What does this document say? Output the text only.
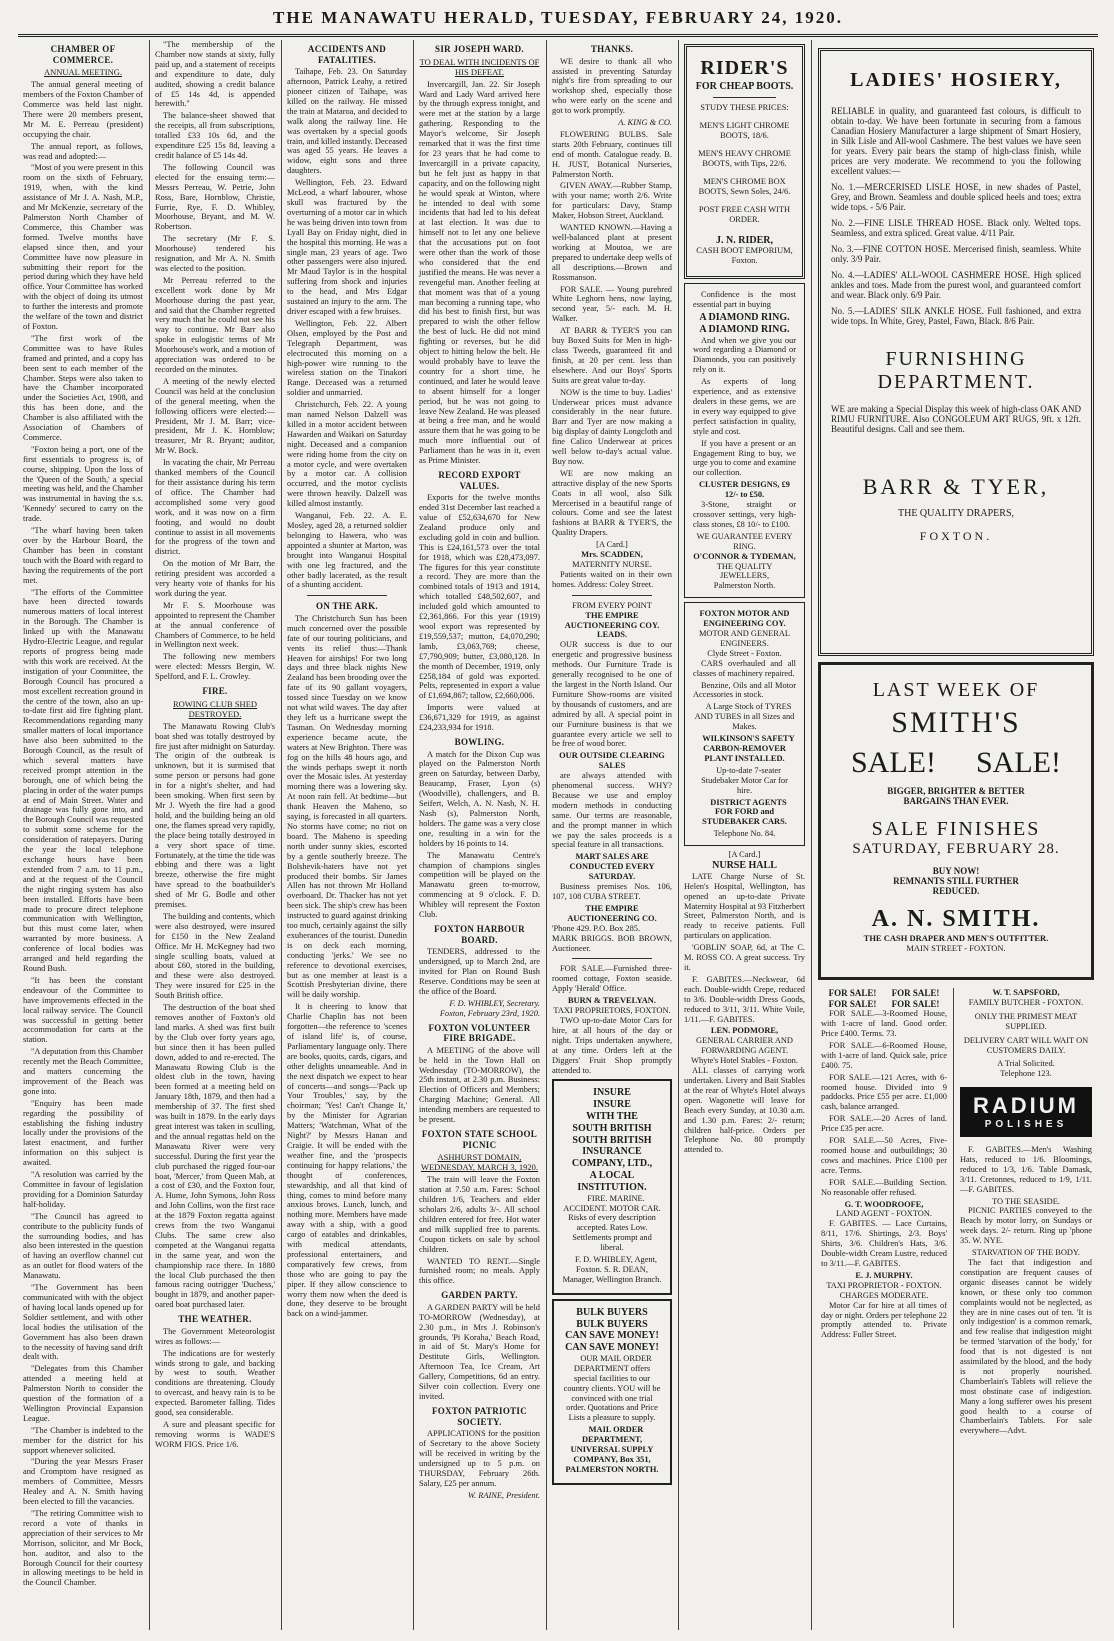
THE MANAWATU HERALD, TUESDAY, FEBRUARY 24, 1920.
CHAMBER OF COMMERCE.
ANNUAL MEETING.

The annual general meeting of members of the Foxton Chamber of Commerce was held last night. There were 20 members present, Mr M. E. Perreau (president) occupying the chair.

The annual report, as follows, was read and adopted:—

"Most of you were present in this room on the sixth of February, 1919, when, with the kind assistance of Mr J. A. Nash, M.P., and Mr McKenzie, secretary of the Palmerston North Chamber of Commerce, this Chamber was formed. Twelve months have elapsed since then, and your Committee have now pleasure in submitting their report for the period during which they have held office. Your Committee has worked with the object of doing its utmost to further the interests and promote the welfare of the town and district of Foxton.

"The first work of the Committee was to have Rules framed and printed, and a copy has been sent to each member of the Chamber. Steps were also taken to have the Chamber incorporated under the Societies Act, 1908, and this has been done, and the Chamber is also affiliated with the Association of Chambers of Commerce.

"Foxton being a port, one of the first essentials to progress is, of course, shipping. Upon the loss of the 'Queen of the South,' a special meeting was held, and the Chamber was instrumental in having the s.s. 'Kennedy' secured to carry on the trade.

"The wharf having been taken over by the Harbour Board, the Chamber has been in constant touch with the Board with regard to having the requirements of the port met.

"The efforts of the Committee have been directed towards numerous matters of local interest in the Borough. The Chamber is linked up with the Manawatu Hydro-Electric League, and regular reports of progress being made with this work are received. At the instigation of your Committee, the Borough Council has procured a most excellent recreation ground in the centre of the town, also an up-to-date first aid fire fighting plant. Recommendations regarding many smaller matters of local importance have also been submitted to the Borough Council, as the result of which several matters have received prompt attention in the borough, one of which being the placing in order of the water pumps at end of Main Street. Water and drainage was fully gone into, and the Borough Council was requested to submit some scheme for the consideration of ratepayers. During the year the local telephone exchange hours have been extended from 7 a.m. to 11 p.m., and at the request of the Council the night ringing system has also been installed. Efforts have been made to procure direct telephone communication with Wellington, but this must come later, when warranted by more business. A conference of local bodies was arranged and held regarding the Round Bush.

"It has been the constant endeavour of the Committee to have improvements effected in the local railway service. The Council was successful in getting better accommodation for carts at the station.

"A deputation from this Chamber recently met the Beach Committee, and matters concerning the improvement of the Beach was gone into.

"Enquiry has been made regarding the possibility of establishing the fishing industry locally under the provisions of the latest enactment, and further information on this subject is awaited.

"A resolution was carried by the Committee in favour of legislation providing for a Dominion Saturday half-holiday.

"The Council has agreed to contribute to the publicity funds of the surrounding bodies, and has also been interested in the question of having an overflow channel cut as an outlet for flood waters of the Manawatu.

"The Government has been communicated with with the object of having local lands opened up for Soldier settlement, and with other local bodies the utilisation of the Government has also been drawn to the necessity of having sand drift dealt with.

"Delegates from this Chamber attended a meeting held at Palmerston North to consider the question of the formation of a Wellington Provincial Expansion League.

"The Chamber is indebted to the member for the district for his support whenever solicited.

"During the year Messrs Fraser and Cromptom have resigned as members of Committee, Messrs Healey and A. N. Smith having been elected to fill the vacancies.

"The retiring Committee wish to record a vote of thanks in appreciation of their services to Mr Morrison, solicitor, and Mr Bock, hon. auditor, and also to the Borough Council for their courtesy in allowing meetings to be held in the Council Chamber.

"The membership of the Chamber now stands at sixty, fully paid up, and a statement of receipts and expenditure to date, duly audited, showing a credit balance of £5 14s 4d, is appended herewith."

The balance-sheet showed that the receipts, all from subscriptions, totalled £33 10s 6d, and the expenditure £25 15s 8d, leaving a credit balance of £5 14s 4d.

The following Council was elected for the ensuing term:—Messrs Perreau, W. Petrie, John Ross, Bare, Hornblow, Christie, Furrie, Rye, F. D. Whibley, Moorhouse, Bryant, and M. W. Robertson.

The secretary (Mr F. S. Moorhouse) tendered his resignation, and Mr A. N. Smith was elected to the position.

Mr Perreau referred to the excellent work done by Mr Moorhouse during the past year, and said that the Chamber regretted very much that he could not see his way to continue. Mr Barr also spoke in eulogistic terms of Mr Moorhouse's work, and a motion of appreciation was ordered to be recorded on the minutes.

A meeting of the newly elected Council was held at the conclusion of the general meeting, when the following officers were elected:—President, Mr J. M. Barr; vice-president, Mr J. K. Hornblow; treasurer, Mr R. Bryant; auditor, Mr W. Bock.

In vacating the chair, Mr Perreau thanked members of the Council for their assistance during his term of office. The Chamber had accomplished some very good work, and it was now on a firm footing, and would no doubt continue to assist in all movements for the progress of the town and district.

On the motion of Mr Barr, the retiring president was accorded a very hearty vote of thanks for his work during the year.

Mr F. S. Moorhouse was appointed to represent the Chamber at the annual conference of Chambers of Commerce, to be held in Wellington next week.

The following new members were elected: Messrs Bergin, W. Spelford, and F. L. Crowley.

FIRE.
ROWING CLUB SHED DESTROYED.

The Manawatu Rowing Club's boat shed was totally destroyed by fire just after midnight on Saturday. The origin of the outbreak is unknown, but it is surmised that some person or persons had gone in for a night's shelter, and had been smoking. When first seen by Mr J. Wyeth the fire had a good hold, and the building being an old one, the flames spread very rapidly, the place being totally destroyed in a very short space of time. Fortunately, at the time the tide was ebbing and there was a light breeze, otherwise the fire might have spread to the boatbuilder's shed of Mr G. Bodle and other premises.

The building and contents, which were also destroyed, were insured for £150 in the New Zealand Office. Mr H. McKegney had two single sculling boats, valued at about £60, stored in the building, and these were also destroyed. They were insured for £25 in the South British office.

The destruction of the boat shed removes another of Foxton's old land marks. A shed was first built by the Club over forty years ago, but since then it has been pulled down, added to and re-erected. The Manawatu Rowing Club is the oldest club in the town, having been formed at a meeting held on January 18th, 1879, and then had a membership of 37. The first shed was built in 1879. In the early days great interest was taken in sculling, and the annual regattas held on the Manawatu River were very successful. During the first year the club purchased the rigged four-oar boat, 'Mercer,' from Queen Mab, at a cost of £30, and the Foxton four, A. Hume, John Symons, John Ross and John Collins, won the first race at the 1879 Foxton regatta against crews from the two Wanganui Clubs. The same crew also competed at the Wanganui regatta in the same year, and won the championship race there. In 1880 the local Club purchased the then famous racing outrigger 'Duchess,' bought in 1879, and another paper-oared boat purchased later.

THE WEATHER.

The Government Meteorologist wires as follows:—

The indications are for westerly winds strong to gale, and backing by west to south. Weather conditions are threatening. Cloudy to overcast, and heavy rain is to be expected. Barometer falling. Tides good, sea considerable.

A sure and pleasant specific for removing worms is WADE'S WORM FIGS. Price 1/6.

ACCIDENTS AND FATALITIES.

Taihape, Feb. 23. On Saturday afternoon, Patrick Leahy, a retired pioneer citizen of Taihape, was killed on the railway. He missed the train at Mataroa, and decided to walk along the railway line. He was overtaken by a special goods train, and killed instantly. Deceased was aged 55 years. He leaves a widow, eight sons and three daughters.

Wellington, Feb. 23. Edward McLeod, a wharf labourer, whose skull was fractured by the overturning of a motor car in which he was being driven into town from Lyall Bay on Friday night, died in the hospital this morning. He was a single man, 23 years of age. Two other passengers were also injured. Mr Maud Taylor is in the hospital suffering from shock and injuries to the head, and Mrs Edgar sustained an injury to the arm. The driver escaped with a few bruises.

Wellington, Feb. 22. Albert Olsen, employed by the Post and Telegraph Department, was electrocuted this morning on a high-power wire running to the wireless station on the Tinakori Range. Deceased was a returned soldier and unmarried.

Christchurch, Feb. 22. A young man named Nelson Dalzell was killed in a motor accident between Hawarden and Waikari on Saturday night. Deceased and a companion were riding home from the city on a motor cycle, and were overtaken by a motor car. A collision occurred, and the motor cyclists were thrown heavily. Dalzell was killed almost instantly.

Wanganui, Feb. 22. A. E. Mosley, aged 28, a returned soldier belonging to Hawera, who was appointed a shunter at Marton, was brought into Wanganui Hospital with one leg fractured, and the other badly lacerated, as the result of a shunting accident.

ON THE ARK.

The Christchurch Sun has been much concerned over the possible fate of our touring politicians, and vents its relief thus:—Thank Heaven for airships! For two long days and three black nights New Zealand has been brooding over the fate of its 90 gallant voyagers, tossed since Tuesday on we know not what wild waves. The day after they left us a hurricane swept the Tasman. On Wednesday morning experience became acute, the waters at New Brighton. There was fog on the hills 48 hours ago, and the winds perhaps swept it north over the Mosaic isles. At yesterday morning there was a lowering sky. At noon rain fell. At bedtime—but thank Heaven the Maheno, so saying, is forecasted in all quarters. No storms have come; no riot on board. The Maheno is speeding north under sunny skies, escorted by a gentle southerly breeze. The Bolshevik-haters have not yet produced their bombs. Sir James Allen has not thrown Mr Holland overboard. Dr. Thacker has not yet been sick. The ship's crew has been instructed to guard against drinking too much, certainly against the silly exuberances of the tourist. Dunedin is on deck each morning, conducting 'jerks.' We see no reference to devotional exercises, but as one member at least is a Scottish Presbyterian divine, there will be daily worship.

It is cheering to know that Charlie Chaplin has not been forgotten—the reference to 'scenes of island life' is, of course, Parliamentary language only. There are books, quoits, cards, cigars, and other delights unnameable. And in the next dispatch we expect to hear of concerts—and songs—'Pack up Your Troubles,' say, by the choirman; 'Yes! Can't Change It,' by the Minister for Agrarian Matters; 'Watchman, What of the Night?' by Messrs Hanan and Craigie. It will be ended with the weather fine, and the 'prospects continuing for happy relations,' the thought of conferences, stewardship, and all that kind of thing, comes to mind before many anxious brows. Lunch, lunch, and nothing more. Members have made away with a ship, with a good cargo of eatables and drinkables, with medical attendants, professional entertainers, and comparatively few crews, from those who are going to pay the piper. If they allow conscience to worry them now when the deed is done, they deserve to be brought back on a wind-jammer.

SIR JOSEPH WARD.
TO DEAL WITH INCIDENTS OF HIS DEFEAT.

Invercargill, Jan. 22. Sir Joseph Ward and Lady Ward arrived here by the through express tonight, and were met at the station by a large gathering. Responding to the Mayor's welcome, Sir Joseph remarked that it was the first time for 23 years that he had come to Invercargill in a private capacity, but he felt just as happy in that capacity, and on the following night he would speak at Winton, where he intended to deal with some incidents that had led to his defeat at last election. It was due to himself not to let any one believe that the accusations put on foot were other than the work of those who considered that the end justified the means. He was never a revengeful man. Another feeling at that moment was that of a young man becoming a running tape, who did his best to finish first, but was prepared to wish the other fellow the best of luck. He did not mind fighting or reverses, but he did object to hitting below the belt. He would probably have to leave the country for a short time, he continued, and later he would leave to absent himself for a longer period, but he was not going to leave New Zealand. He was pleased at being a free man, and he would assure them that he was going to be much more influential out of Parliament than he was in it, even as Prime Minister.

RECORD EXPORT VALUES.

Exports for the twelve months ended 31st December last reached a value of £52,634,670 for New Zealand produce only and excluding gold in coin and bullion. This is £24,161,573 over the total for 1918, which was £28,473,097. The figures for this year constitute a record. They are more than the combined totals of 1913 and 1914, which totalled £48,502,607, and included gold which amounted to £2,361,866. For this year (1919) wool export was represented by £19,559,537; mutton, £4,070,290; lamb, £3,063,769; cheese, £7,790,909; butter, £3,080,128. In the month of December, 1919, only £258,184 of gold was exported. Pelts, represented in export a value of £1,694,867; tallow, £2,660,006.

Imports were valued at £36,671,329 for 1919, as against £24,233,934 for 1918.

BOWLING.

A match for the Dixon Cup was played on the Palmerston North green on Saturday, between Darby, Beaucamp, Fraser, Lyon (s) (Woodville), challengers, and B. Seifert, Welch, A. N. Nash, N. H. Nash (s), Palmerston North, holders. The game was a very close one, resulting in a win for the holders by 16 points to 14.

The Manawatu Centre's champion of champions singles competition will be played on the Manawatu green to-morrow, commencing at 9 o'clock. F. D. Whibley will represent the Foxton Club.

FOXTON HARBOUR BOARD.

TENDERS, addressed to the undersigned, up to March 2nd, are invited for Plan on Round Bush Reserve. Conditions may be seen at the office of the Board.

F. D. WHIBLEY, Secretary. Foxton, February 23rd, 1920.

FOXTON VOLUNTEER FIRE BRIGADE.

A MEETING of the above will be held in the Town Hall on Wednesday (TO-MORROW), the 25th instant, at 2.30 p.m. Business: Election of Officers and Members; Charging Machine; General. All intending members are requested to be present.

FOXTON STATE SCHOOL PICNIC
ASHHURST DOMAIN, WEDNESDAY, MARCH 3, 1920.

The train will leave the Foxton station at 7.50 a.m. Fares: School children 1/6, Teachers and elder scholars 2/6, adults 3/-. All school children entered for free. Hot water and milk supplied free to parents. Coupon tickets on sale by school children.

WANTED TO RENT.—Single furnished room; no meals. Apply this office.

GARDEN PARTY.

A GARDEN PARTY will be held TO-MORROW (Wednesday), at 2.30 p.m., in Mrs J. Robinson's grounds, 'Pi Koraha,' Beach Road, in aid of St. Mary's Home for Destitute Girls, Wellington. Afternoon Tea, Ice Cream, Art Gallery, Competitions, 6d an entry. Silver coin collection. Every one invited.

FOXTON PATRIOTIC SOCIETY.

APPLICATIONS for the position of Secretary to the above Society will be received in writing by the undersigned up to 5 p.m. on THURSDAY, February 26th. Salary, £25 per annum.

W. RAINE, President.

THANKS.

WE desire to thank all who assisted in preventing Saturday night's fire from spreading to our workshop shed, especially those who were early on the scene and got to work promptly.

A. KING & CO.

FLOWERING BULBS. Sale starts 20th February, continues till end of month. Catalogue ready. B. H. JUST, Botanical Nurseries, Palmerston North.

GIVEN AWAY.—Rubber Stamp, with your name; worth 2/6. Write for particulars: Davy, Stamp Maker, Hobson Street, Auckland.

WANTED KNOWN.—Having a well-balanced plant at present working at Moutoa, we are prepared to undertake deep wells of all descriptions.—Brown and Rossmanson.

FOR SALE. — Young purebred White Leghorn hens, now laying, second year, 5/- each. M. H. Walker.

AT BARR & TYER'S you can buy Boxed Suits for Men in high-class Tweeds, guaranteed fit and finish, at 20 per cent. less than elsewhere. And our Boys' Sports Suits are great value to-day.

NOW is the time to buy. Ladies' Underwear prices must advance considerably in the near future. Barr and Tyer are now making a big display of dainty Longcloth and fine Calico Underwear at prices well below to-day's actual value. Buy now.

WE are now making an attractive display of the new Sports Coats in all wool, also Silk Mercerised in a beautiful range of colours. Come and see the latest fashions at BARR & TYER'S, the Quality Drapers.

[A Card.]
Mrs. SCADDEN,
MATERNITY NURSE.

Patients waited on in their own homes. Address: Coley Street.

FROM EVERY POINT
THE EMPIRE AUCTIONEERING COY. LEADS.

OUR success is due to our energetic and progressive business methods. Our Furniture Trade is generally recognised to be one of the largest in the North Island. Our Furniture Show-rooms are visited by thousands of customers, and are admired by all. A special point in our Furniture business is that we guarantee every article we sell to be free of wood borer.

OUR OUTSIDE CLEARING SALES

are always attended with phenomenal success. WHY? Because we use and employ modern methods in conducting same. Our terms are reasonable, and the prompt manner in which we pay the sales proceeds is a special feature in all transactions.

MART SALES ARE CONDUCTED EVERY SATURDAY.

Business premises Nos. 106, 107, 108 CUBA STREET.

THE EMPIRE AUCTIONEERING CO.
'Phone 429. P.O. Box 285.
MARK BRIGGS. BOB BROWN, Auctioneer.

FOR SALE.—Furnished three-roomed cottage, Foxton seaside. Apply 'Herald' Office.

BURN & TREVELYAN.
TAXI PROPRIETORS, FOXTON.

TWO up-to-date Motor Cars for hire, at all hours of the day or night. Trips undertaken anywhere, at any time. Orders left at the Diggers' Fruit Shop promptly attended to.

INSURE
INSURE
WITH THE
SOUTH BRITISH
SOUTH BRITISH
INSURANCE COMPANY, LTD.,
A LOCAL INSTITUTION.

FIRE. MARINE. ACCIDENT. MOTOR CAR. Risks of every description accepted. Rates Low. Settlements prompt and liberal.

F. D. WHIBLEY, Agent, Foxton. S. R. DEAN, Manager, Wellington Branch.

BULK BUYERS
BULK BUYERS
CAN SAVE MONEY!
CAN SAVE MONEY!

OUR MAIL ORDER DEPARTMENT offers special facilities to our country clients. YOU will be convinced with one trial order. Quotations and Price Lists a pleasure to supply.

MAIL ORDER DEPARTMENT, UNIVERSAL SUPPLY COMPANY, Box 351, PALMERSTON NORTH.

RIDER'S
FOR CHEAP BOOTS.
STUDY THESE PRICES:
MEN'S LIGHT CHROME BOOTS, 18/6.
MEN'S HEAVY CHROME BOOTS, with Tips, 22/6.
MEN'S CHROME BOX BOOTS, Sewn Soles, 24/6.
POST FREE CASH WITH ORDER.
J. N. RIDER,
CASH BOOT EMPORIUM,
Foxton.

Confidence is the most essential part in buying

A DIAMOND RING.
A DIAMOND RING.

And when we give you our word regarding a Diamond or Diamonds, you can positively rely on it.

As experts of long experience, and as extensive dealers in these gems, we are in every way equipped to give perfect satisfaction in quality, style and cost.

If you have a present or an Engagement Ring to buy, we urge you to come and examine our collection.

CLUSTER DESIGNS, £9 12/- to £50.

3-Stone, straight or crossover settings, very high-class stones, £8 10/- to £100.

WE GUARANTEE EVERY RING.
O'CONNOR & TYDEMAN,
THE QUALITY JEWELLERS,
Palmerston North.
FOXTON MOTOR AND ENGINEERING COY.
MOTOR AND GENERAL ENGINEERS.
Clyde Street - Foxton.

CARS overhauled and all classes of machinery repaired.

Benzine, Oils and all Motor Accessories in stock.

A Large Stock of TYRES AND TUBES in all Sizes and Makes.

WILKINSON'S SAFETY CARBON-REMOVER PLANT INSTALLED.

Up-to-date 7-seater Studebaker Motor Car for hire.

DISTRICT AGENTS FOR FORD and STUDEBAKER CARS.

Telephone No. 84.
[A Card.]
NURSE HALL

LATE Charge Nurse of St. Helen's Hospital, Wellington, has opened an up-to-date Private Maternity Hospital at 93 Fitzherbert Street, Palmerston North, and is ready to receive patients. Full particulars on application.

'GOBLIN' SOAP, 6d, at The C. M. ROSS CO. A great success. Try it.

F. GABITES.—Neckwear, 6d each. Double-width Crepe, reduced to 3/6. Double-width Dress Goods, reduced to 3/11, 3/11. White Voile, 1/11.—F. GABITES.

LEN. PODMORE,
GENERAL CARRIER AND FORWARDING AGENT.
Whyte's Hotel Stables - Foxton.

ALL classes of carrying work undertaken. Livery and Bait Stables at the rear of Whyte's Hotel always open. Wagonette will leave for Beach every Sunday, at 10.30 a.m. and 1.30 p.m. Fares: 2/- return; children half-price. Orders per Telephone No. 80 promptly attended to.

LADIES' HOSIERY,

RELIABLE in quality, and guaranteed fast colours, is difficult to obtain to-day. We have been fortunate in securing from a famous Canadian Hosiery Manufacturer a large shipment of Smart Hosiery, in Silk Lisle and All-wool Cashmere. The best values we have seen for years. Every pair bears the stamp of high-class finish, while prices are very moderate. We recommend to you the following excellent values:—

No. 1.—MERCERISED LISLE HOSE, in new shades of Pastel, Grey, and Brown. Seamless and double spliced heels and toes; extra wide tops. - 5/6 Pair.

No. 2.—FINE LISLE THREAD HOSE. Black only. Welted tops. Seamless, and extra spliced. Great value. 4/11 Pair.

No. 3.—FINE COTTON HOSE. Mercerised finish, seamless. White only. 3/9 Pair.

No. 4.—LADIES' ALL-WOOL CASHMERE HOSE. High spliced ankles and toes. Made from the purest wool, and guaranteed comfort and wear. Black only. 6/9 Pair.

No. 5.—LADIES' SILK ANKLE HOSE. Full fashioned, and extra wide tops. In White, Grey, Pastel, Fawn, Black. 8/6 Pair.

FURNISHING
DEPARTMENT.

WE are making a Special Display this week of high-class OAK AND RIMU FURNITURE. Also CONGOLEUM ART RUGS, 9ft. x 12ft. Beautiful designs. Call and see them.

BARR & TYER,
THE QUALITY DRAPERS,
FOXTON.
LAST WEEK OF
SMITH'S
SALE! SALE!
BIGGER, BRIGHTER & BETTER
BARGAINS THAN EVER.
SALE FINISHES
SATURDAY, FEBRUARY 28.
BUY NOW!
REMNANTS STILL FURTHER
REDUCED.
A. N. SMITH.
THE CASH DRAPER AND MEN'S OUTFITTER.
MAIN STREET - FOXTON.
FOR SALE!	FOR SALE!
FOR SALE!	FOR SALE!

FOR SALE.—3-Roomed House, with 1-acre of land. Good order. Price £400. Terms. 73.

FOR SALE.—6-Roomed House, with 1-acre of land. Quick sale, price £400. 75.

FOR SALE.—121 Acres, with 6-roomed house. Divided into 9 paddocks. Price £55 per acre. £1,000 cash, balance arranged.

FOR SALE.—20 Acres of land. Price £35 per acre.

FOR SALE.—50 Acres, Five-roomed house and outbuildings; 30 cows and machines. Price £100 per acre. Terms.

FOR SALE.—Building Section. No reasonable offer refused.

G. T. WOODROOFE,
LAND AGENT - FOXTON.

F. GABITES. — Lace Curtains, 8/11, 17/6. Shirtings, 2/3. Boys' Shirts, 3/6. Children's Hats, 3/6. Double-width Cream Lustre, reduced to 3/11.—F. GABITES.

E. J. MURPHY.
TAXI PROPRIETOR - FOXTON.
CHARGES MODERATE.

Motor Car for hire at all times of day or night. Orders per telephone 22 promptly attended to. Private Address: Fuller Street.

W. T. SAPSFORD,
FAMILY BUTCHER - FOXTON.
ONLY THE PRIMEST MEAT SUPPLIED.
DELIVERY CART WILL WAIT ON CUSTOMERS DAILY.
A Trial Solicited.
Telephone 123.
RADIUM
POLISHES

F. GABITES.—Men's Washing Hats, reduced to 1/6. Bloomings, reduced to 1/3, 1/6. Table Damask, 3/11. Cretonnes, reduced to 1/9, 1/11.—F. GABITES.

TO THE SEASIDE.

PICNIC PARTIES conveyed to the Beach by motor lorry, on Sundays or week days. 2/- return. Ring up 'phone 35. W. NYE.

STARVATION OF THE BODY.

The fact that indigestion and constipation are frequent causes of organic diseases cannot be widely known, or these only too common complaints would not be neglected, as they are in nine cases out of ten. 'It is only indigestion' is a common remark, and few realise that indigestion might be termed 'starvation of the body,' for food that is not digested is not assimilated by the blood, and the body is not properly nourished. Chamberlain's Tablets will relieve the most obstinate case of indigestion. Many a long sufferer owes his present good health to a course of Chamberlain's Tablets. For sale everywhere—Advt.
